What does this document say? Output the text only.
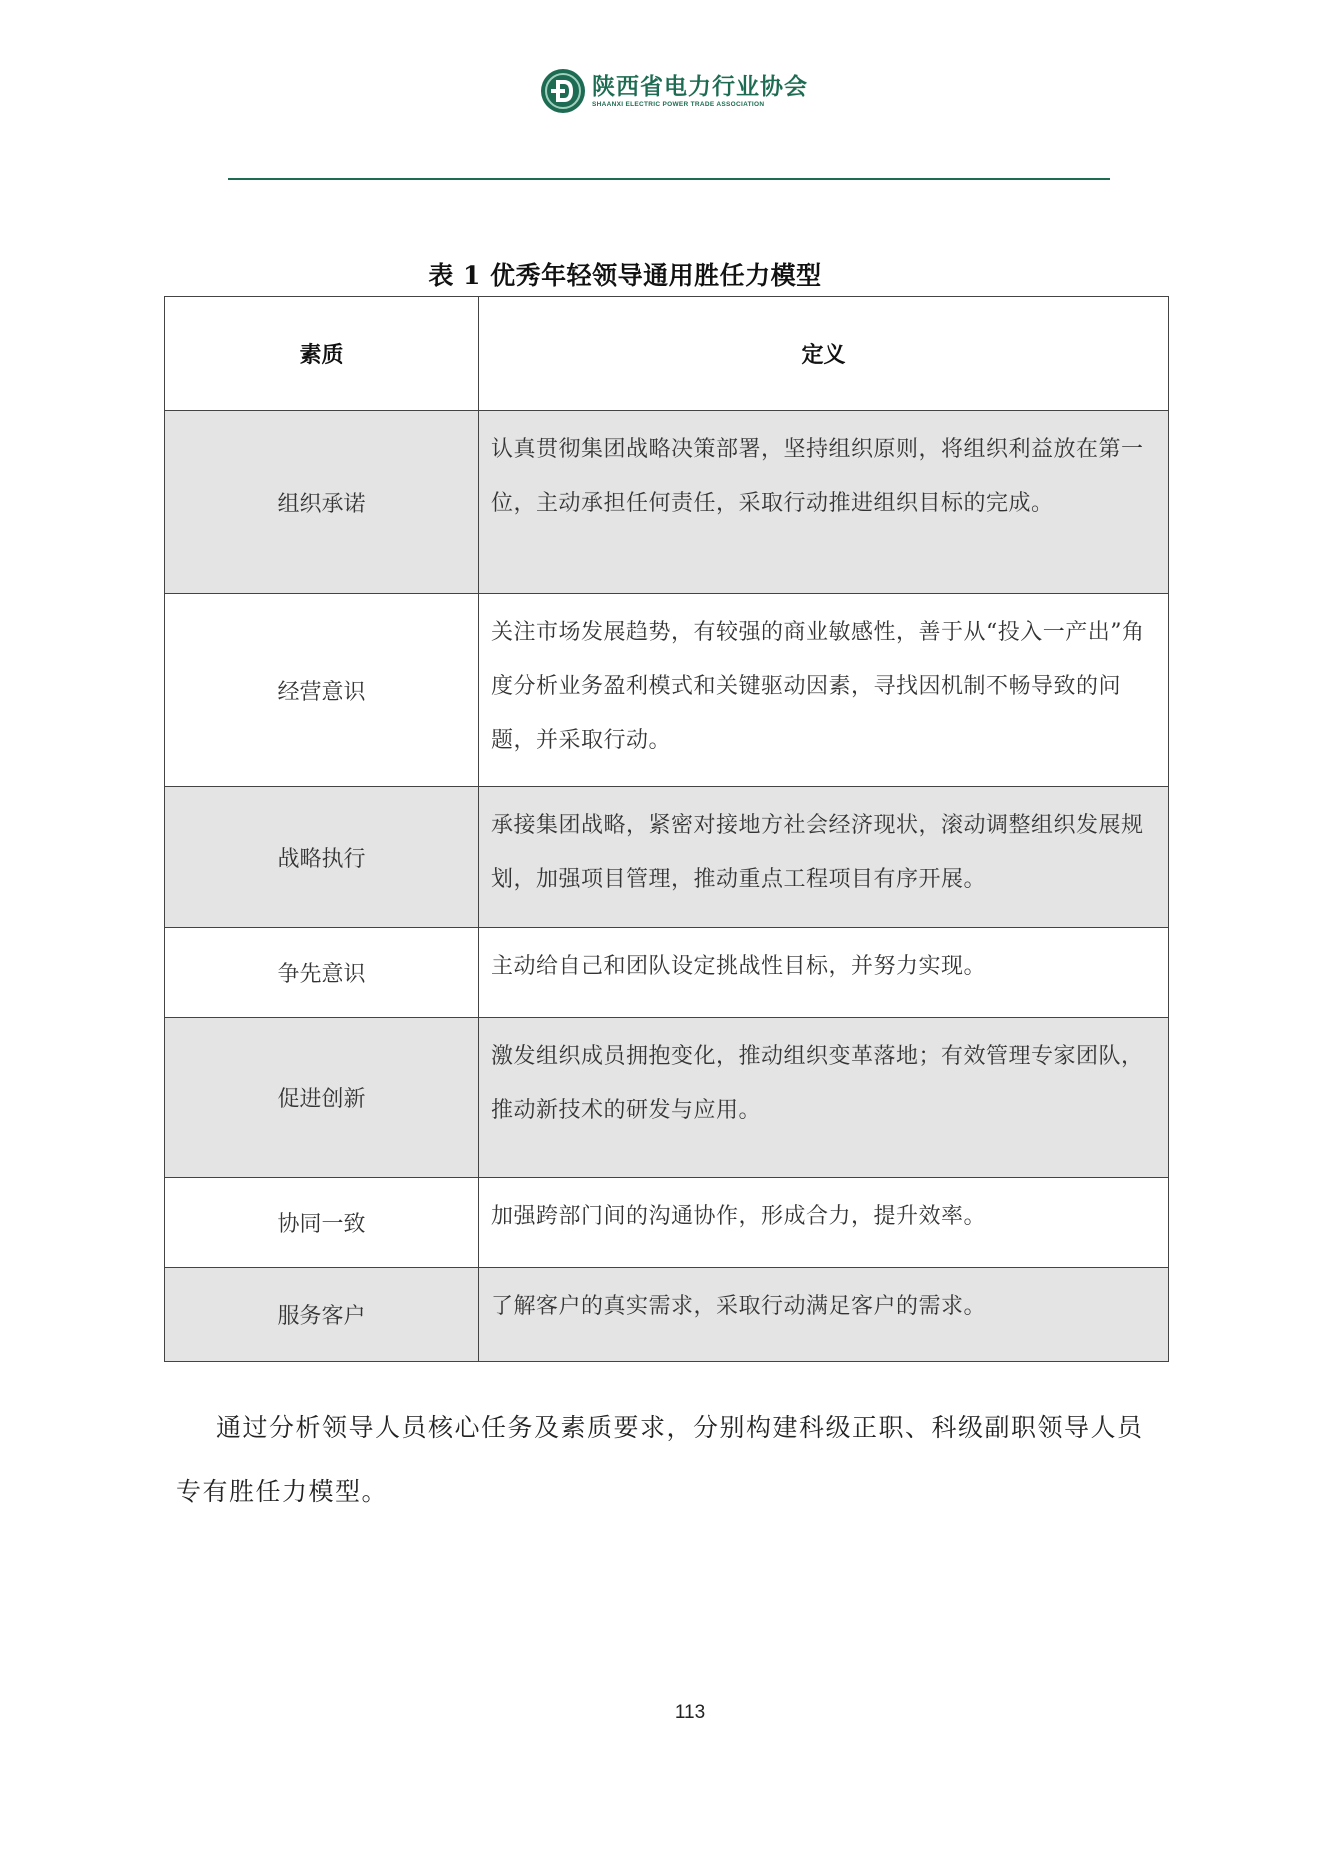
陕西省电力行业协会
SHAANXI ELECTRIC POWER TRADE ASSOCIATION
表 1 优秀年轻领导通用胜任力模型
素质	定义
组织承诺	认真贯彻集团战略决策部署，坚持组织原则，将组织利益放在第一位，主动承担任何责任，采取行动推进组织目标的完成。
经营意识	关注市场发展趋势，有较强的商业敏感性，善于从“投入一产出”角度分析业务盈利模式和关键驱动因素，寻找因机制不畅导致的问题，并采取行动。
战略执行	承接集团战略，紧密对接地方社会经济现状，滚动调整组织发展规划，加强项目管理，推动重点工程项目有序开展。
争先意识	主动给自己和团队设定挑战性目标，并努力实现。
促进创新	激发组织成员拥抱变化，推动组织变革落地；有效管理专家团队，推动新技术的研发与应用。
协同一致	加强跨部门间的沟通协作，形成合力，提升效率。
服务客户	了解客户的真实需求，采取行动满足客户的需求。
通过分析领导人员核心任务及素质要求，分别构建科级正职、科级副职领导人员专有胜任力模型。
113
